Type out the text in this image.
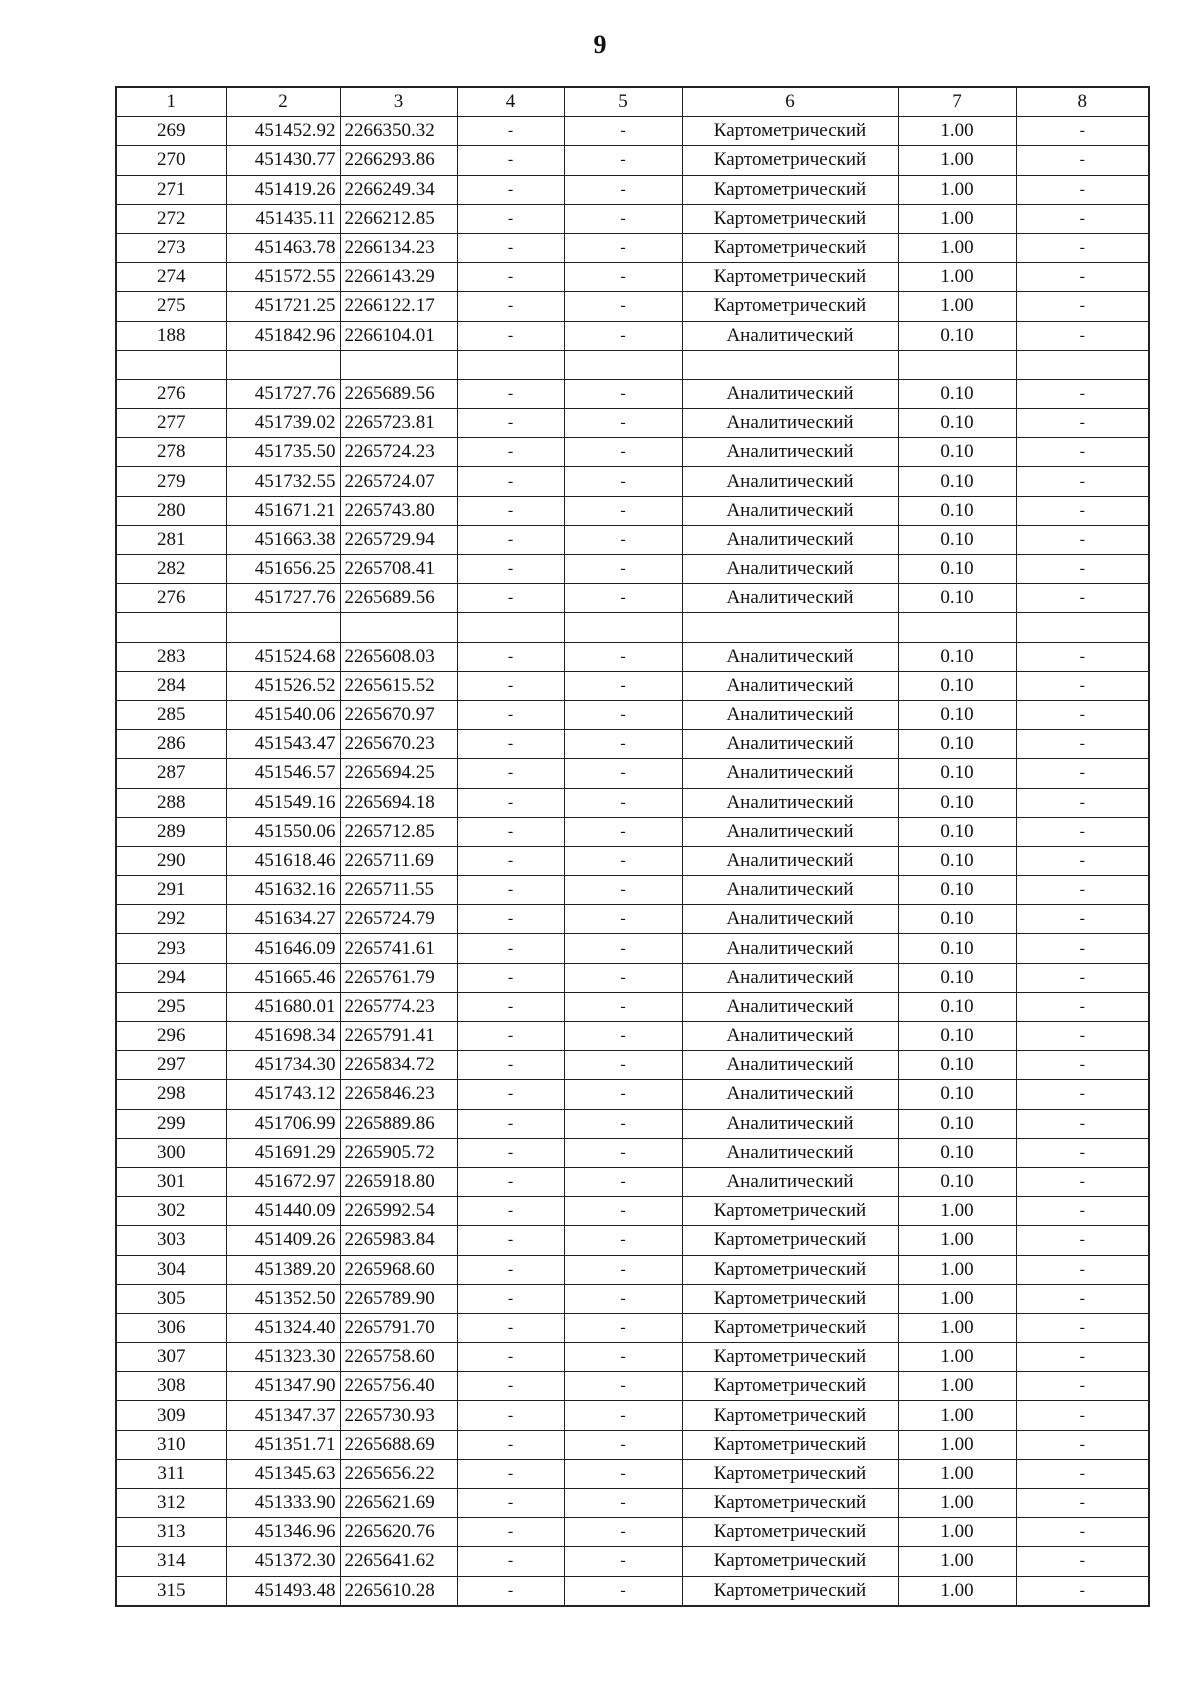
9
1	2	3	4	5	6	7	8
269	451452.92	2266350.32	-	-	Картометрический	1.00	-
270	451430.77	2266293.86	-	-	Картометрический	1.00	-
271	451419.26	2266249.34	-	-	Картометрический	1.00	-
272	451435.11	2266212.85	-	-	Картометрический	1.00	-
273	451463.78	2266134.23	-	-	Картометрический	1.00	-
274	451572.55	2266143.29	-	-	Картометрический	1.00	-
275	451721.25	2266122.17	-	-	Картометрический	1.00	-
188	451842.96	2266104.01	-	-	Аналитический	0.10	-

276	451727.76	2265689.56	-	-	Аналитический	0.10	-
277	451739.02	2265723.81	-	-	Аналитический	0.10	-
278	451735.50	2265724.23	-	-	Аналитический	0.10	-
279	451732.55	2265724.07	-	-	Аналитический	0.10	-
280	451671.21	2265743.80	-	-	Аналитический	0.10	-
281	451663.38	2265729.94	-	-	Аналитический	0.10	-
282	451656.25	2265708.41	-	-	Аналитический	0.10	-
276	451727.76	2265689.56	-	-	Аналитический	0.10	-

283	451524.68	2265608.03	-	-	Аналитический	0.10	-
284	451526.52	2265615.52	-	-	Аналитический	0.10	-
285	451540.06	2265670.97	-	-	Аналитический	0.10	-
286	451543.47	2265670.23	-	-	Аналитический	0.10	-
287	451546.57	2265694.25	-	-	Аналитический	0.10	-
288	451549.16	2265694.18	-	-	Аналитический	0.10	-
289	451550.06	2265712.85	-	-	Аналитический	0.10	-
290	451618.46	2265711.69	-	-	Аналитический	0.10	-
291	451632.16	2265711.55	-	-	Аналитический	0.10	-
292	451634.27	2265724.79	-	-	Аналитический	0.10	-
293	451646.09	2265741.61	-	-	Аналитический	0.10	-
294	451665.46	2265761.79	-	-	Аналитический	0.10	-
295	451680.01	2265774.23	-	-	Аналитический	0.10	-
296	451698.34	2265791.41	-	-	Аналитический	0.10	-
297	451734.30	2265834.72	-	-	Аналитический	0.10	-
298	451743.12	2265846.23	-	-	Аналитический	0.10	-
299	451706.99	2265889.86	-	-	Аналитический	0.10	-
300	451691.29	2265905.72	-	-	Аналитический	0.10	-
301	451672.97	2265918.80	-	-	Аналитический	0.10	-
302	451440.09	2265992.54	-	-	Картометрический	1.00	-
303	451409.26	2265983.84	-	-	Картометрический	1.00	-
304	451389.20	2265968.60	-	-	Картометрический	1.00	-
305	451352.50	2265789.90	-	-	Картометрический	1.00	-
306	451324.40	2265791.70	-	-	Картометрический	1.00	-
307	451323.30	2265758.60	-	-	Картометрический	1.00	-
308	451347.90	2265756.40	-	-	Картометрический	1.00	-
309	451347.37	2265730.93	-	-	Картометрический	1.00	-
310	451351.71	2265688.69	-	-	Картометрический	1.00	-
311	451345.63	2265656.22	-	-	Картометрический	1.00	-
312	451333.90	2265621.69	-	-	Картометрический	1.00	-
313	451346.96	2265620.76	-	-	Картометрический	1.00	-
314	451372.30	2265641.62	-	-	Картометрический	1.00	-
315	451493.48	2265610.28	-	-	Картометрический	1.00	-
